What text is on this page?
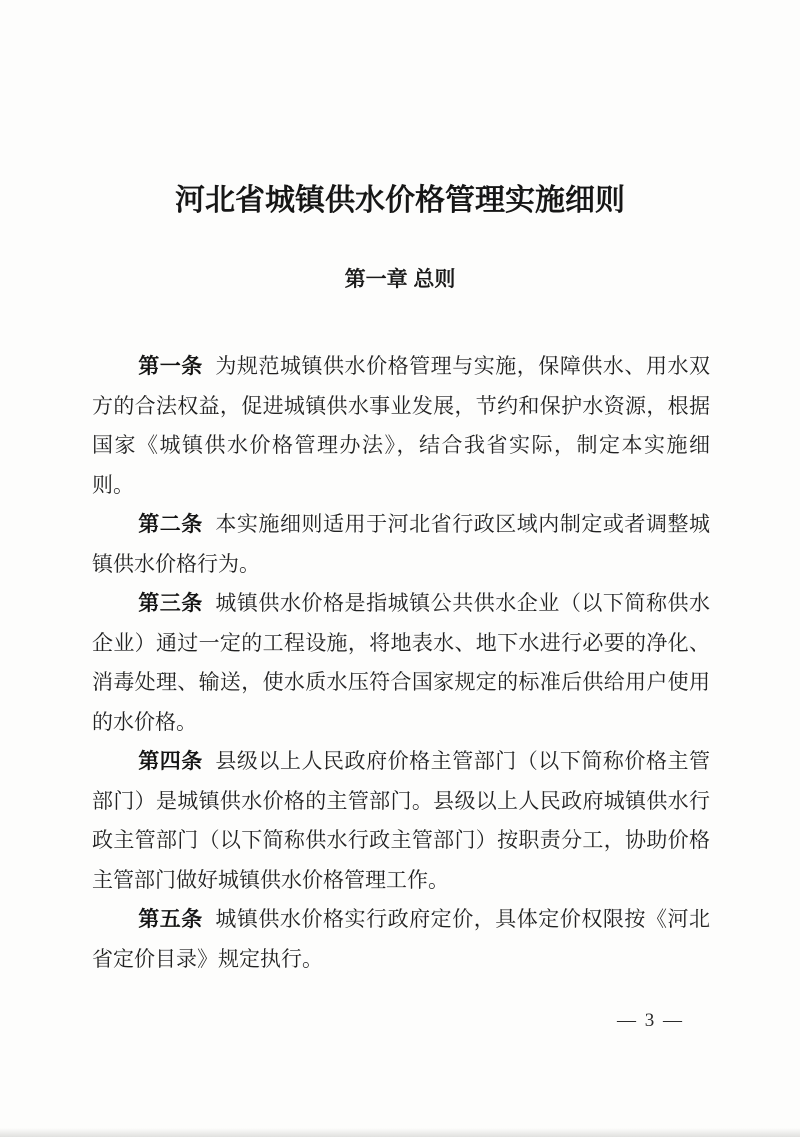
河北省城镇供水价格管理实施细则
第一章 总则

第一条 为规范城镇供水价格管理与实施，保障供水、用水双方的合法权益，促进城镇供水事业发展，节约和保护水资源，根据国家《城镇供水价格管理办法》，结合我省实际，制定本实施细则。

第二条 本实施细则适用于河北省行政区域内制定或者调整城镇供水价格行为。

第三条 城镇供水价格是指城镇公共供水企业（以下简称供水企业）通过一定的工程设施，将地表水、地下水进行必要的净化、消毒处理、输送，使水质水压符合国家规定的标准后供给用户使用的水价格。

第四条 县级以上人民政府价格主管部门（以下简称价格主管部门）是城镇供水价格的主管部门。县级以上人民政府城镇供水行政主管部门（以下简称供水行政主管部门）按职责分工，协助价格主管部门做好城镇供水价格管理工作。

第五条 城镇供水价格实行政府定价，具体定价权限按《河北省定价目录》规定执行。

— 3 —
